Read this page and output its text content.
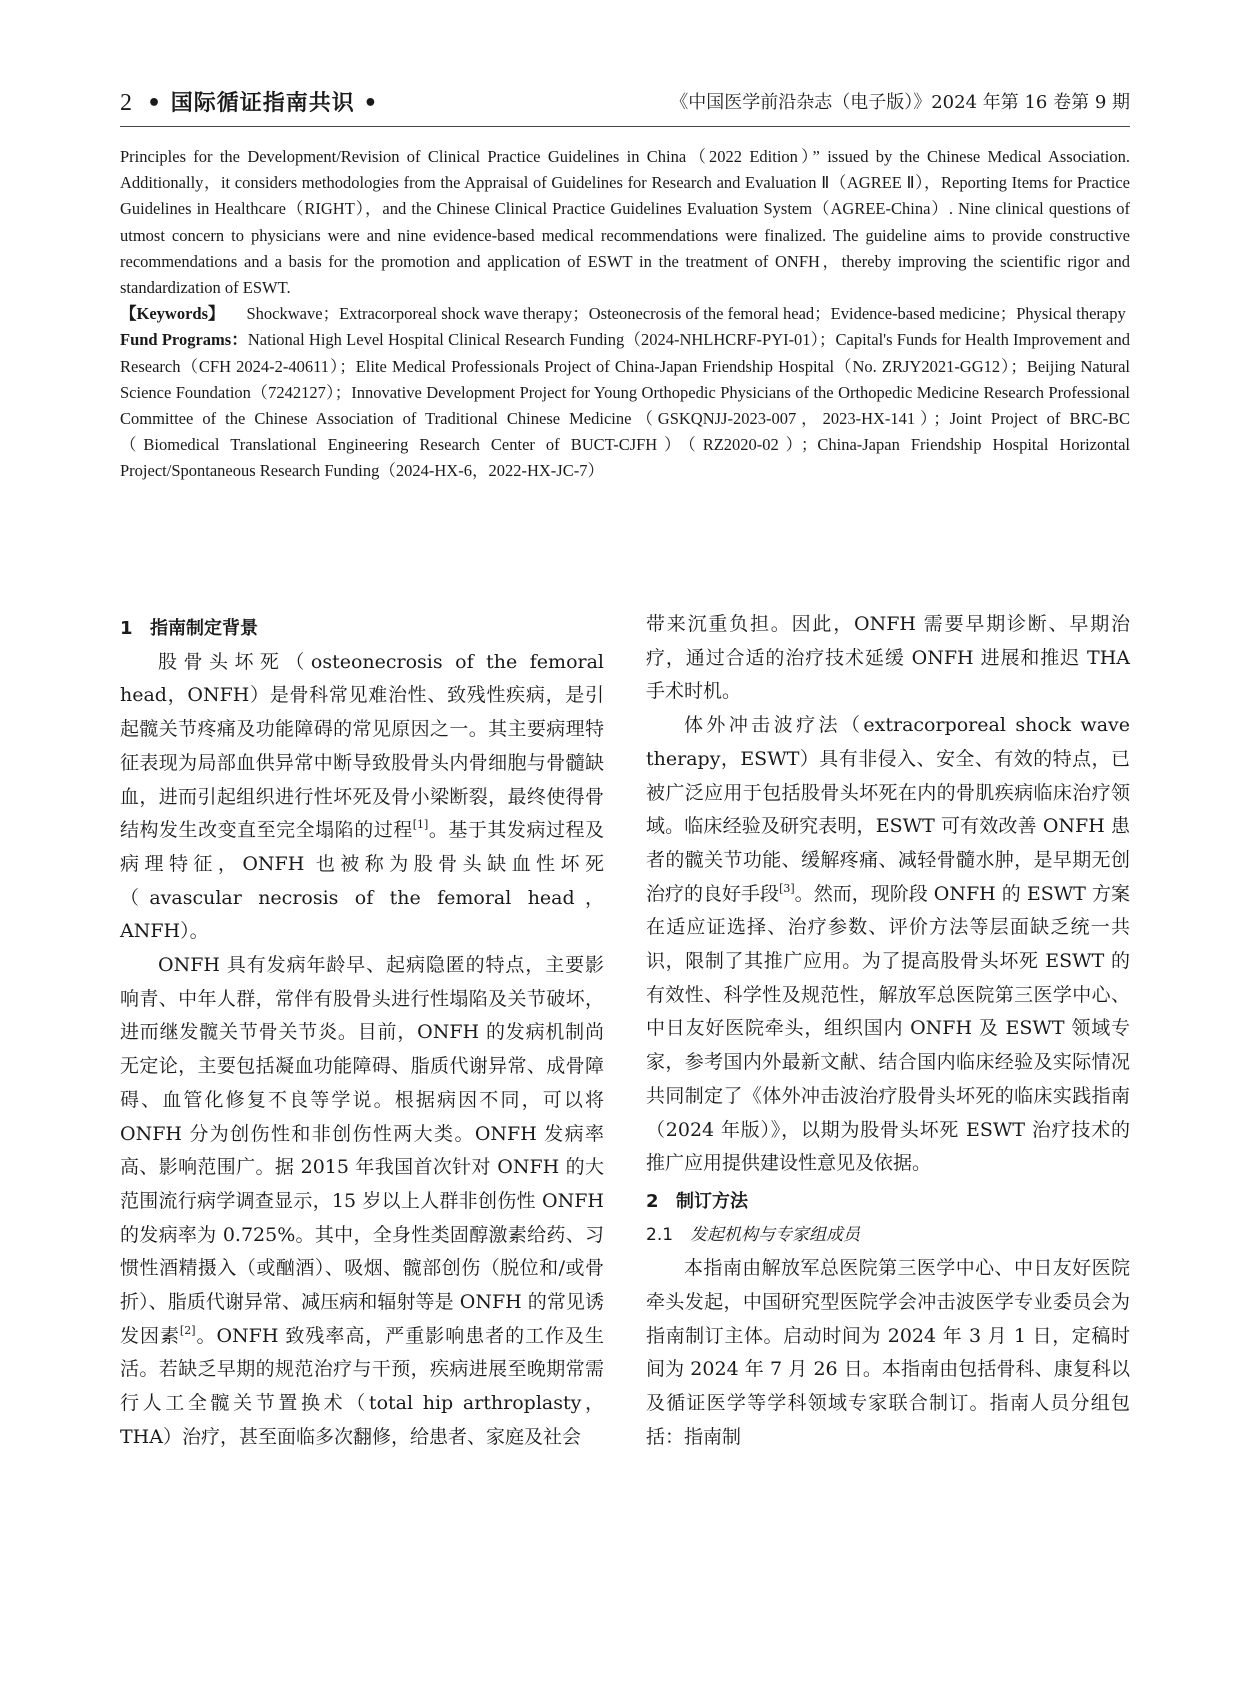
2 • 国际循证指南共识 •	《中国医学前沿杂志（电子版）》2024 年第 16 卷第 9 期

Principles for the Development/Revision of Clinical Practice Guidelines in China（2022 Edition）” issued by the Chinese Medical Association. Additionally，it considers methodologies from the Appraisal of Guidelines for Research and Evaluation Ⅱ（AGREE Ⅱ），Reporting Items for Practice Guidelines in Healthcare（RIGHT），and the Chinese Clinical Practice Guidelines Evaluation System（AGREE-China）. Nine clinical questions of utmost concern to physicians were and nine evidence-based medical recommendations were finalized. The guideline aims to provide constructive recommendations and a basis for the promotion and application of ESWT in the treatment of ONFH，thereby improving the scientific rigor and standardization of ESWT.

【Keywords】 Shockwave；Extracorporeal shock wave therapy；Osteonecrosis of the femoral head；Evidence-based medicine；Physical therapy

Fund Programs：National High Level Hospital Clinical Research Funding（2024-NHLHCRF-PYI-01）；Capital's Funds for Health Improvement and Research（CFH 2024-2-40611）；Elite Medical Professionals Project of China-Japan Friendship Hospital（No. ZRJY2021-GG12）；Beijing Natural Science Foundation（7242127）；Innovative Development Project for Young Orthopedic Physicians of the Orthopedic Medicine Research Professional Committee of the Chinese Association of Traditional Chinese Medicine（GSKQNJJ-2023-007，2023-HX-141）；Joint Project of BRC-BC（Biomedical Translational Engineering Research Center of BUCT-CJFH）（RZ2020-02）；China-Japan Friendship Hospital Horizontal Project/Spontaneous Research Funding（2024-HX-6，2022-HX-JC-7）

1 指南制定背景

股骨头坏死（osteonecrosis of the femoral head，ONFH）是骨科常见难治性、致残性疾病，是引起髋关节疼痛及功能障碍的常见原因之一。其主要病理特征表现为局部血供异常中断导致股骨头内骨细胞与骨髓缺血，进而引起组织进行性坏死及骨小梁断裂，最终使得骨结构发生改变直至完全塌陷的过程[1]。基于其发病过程及病理特征，ONFH 也被称为股骨头缺血性坏死（avascular necrosis of the femoral head，ANFH）。

ONFH 具有发病年龄早、起病隐匿的特点，主要影响青、中年人群，常伴有股骨头进行性塌陷及关节破坏，进而继发髋关节骨关节炎。目前，ONFH 的发病机制尚无定论，主要包括凝血功能障碍、脂质代谢异常、成骨障碍、血管化修复不良等学说。根据病因不同，可以将 ONFH 分为创伤性和非创伤性两大类。ONFH 发病率高、影响范围广。据 2015 年我国首次针对 ONFH 的大范围流行病学调查显示，15 岁以上人群非创伤性 ONFH 的发病率为 0.725%。其中，全身性类固醇激素给药、习惯性酒精摄入（或酗酒）、吸烟、髋部创伤（脱位和/或骨折）、脂质代谢异常、减压病和辐射等是 ONFH 的常见诱发因素[2]。ONFH 致残率高，严重影响患者的工作及生活。若缺乏早期的规范治疗与干预，疾病进展至晚期常需行人工全髋关节置换术（total hip arthroplasty，THA）治疗，甚至面临多次翻修，给患者、家庭及社会

带来沉重负担。因此，ONFH 需要早期诊断、早期治疗，通过合适的治疗技术延缓 ONFH 进展和推迟 THA 手术时机。

体外冲击波疗法（extracorporeal shock wave therapy，ESWT）具有非侵入、安全、有效的特点，已被广泛应用于包括股骨头坏死在内的骨肌疾病临床治疗领域。临床经验及研究表明，ESWT 可有效改善 ONFH 患者的髋关节功能、缓解疼痛、减轻骨髓水肿，是早期无创治疗的良好手段[3]。然而，现阶段 ONFH 的 ESWT 方案在适应证选择、治疗参数、评价方法等层面缺乏统一共识，限制了其推广应用。为了提高股骨头坏死 ESWT 的有效性、科学性及规范性，解放军总医院第三医学中心、中日友好医院牵头，组织国内 ONFH 及 ESWT 领域专家，参考国内外最新文献、结合国内临床经验及实际情况共同制定了《体外冲击波治疗股骨头坏死的临床实践指南（2024 年版）》，以期为股骨头坏死 ESWT 治疗技术的推广应用提供建设性意见及依据。

2 制订方法
2.1 发起机构与专家组成员

本指南由解放军总医院第三医学中心、中日友好医院牵头发起，中国研究型医院学会冲击波医学专业委员会为指南制订主体。启动时间为 2024 年 3 月 1 日，定稿时间为 2024 年 7 月 26 日。本指南由包括骨科、康复科以及循证医学等学科领域专家联合制订。指南人员分组包括：指南制
